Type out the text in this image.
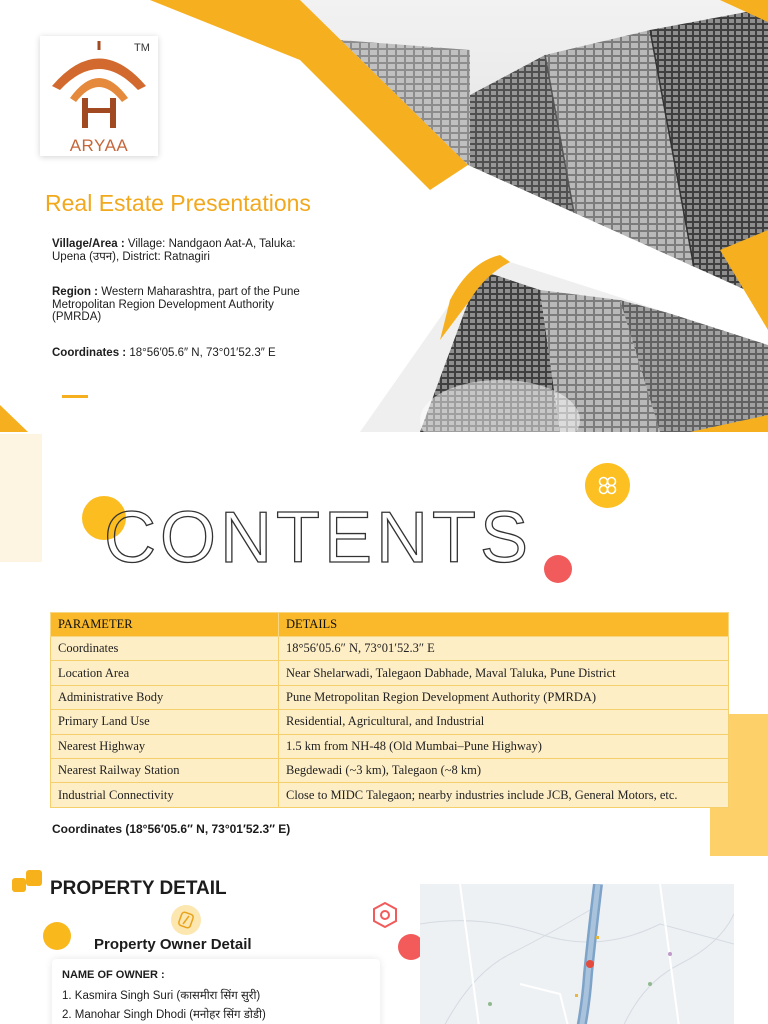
ARYAA
TM
Real Estate Presentations
Village/Area : Village: Nandgaon Aat-A, Taluka: Upena (उपन), District: Ratnagiri
Region : Western Maharashtra, part of the Pune Metropolitan Region Development Authority (PMRDA)
Coordinates : 18°56′05.6″ N, 73°01′52.3″ E
CONTENTS
PARAMETER	DETAILS
Coordinates	18°56′05.6″ N, 73°01′52.3″ E
Location Area	Near Shelarwadi, Talegaon Dabhade, Maval Taluka, Pune District
Administrative Body	Pune Metropolitan Region Development Authority (PMRDA)
Primary Land Use	Residential, Agricultural, and Industrial
Nearest Highway	1.5 km from NH-48 (Old Mumbai–Pune Highway)
Nearest Railway Station	Begdewadi (~3 km), Talegaon (~8 km)
Industrial Connectivity	Close to MIDC Talegaon; nearby industries include JCB, General Motors, etc.
Coordinates (18°56′05.6″ N, 73°01′52.3″ E)
PROPERTY DETAIL
Property Owner Detail
NAME OF OWNER :
1. Kasmira Singh Suri (कासमीरा सिंग सुरी)
2. Manohar Singh Dhodi (मनोहर सिंग डोडी)
